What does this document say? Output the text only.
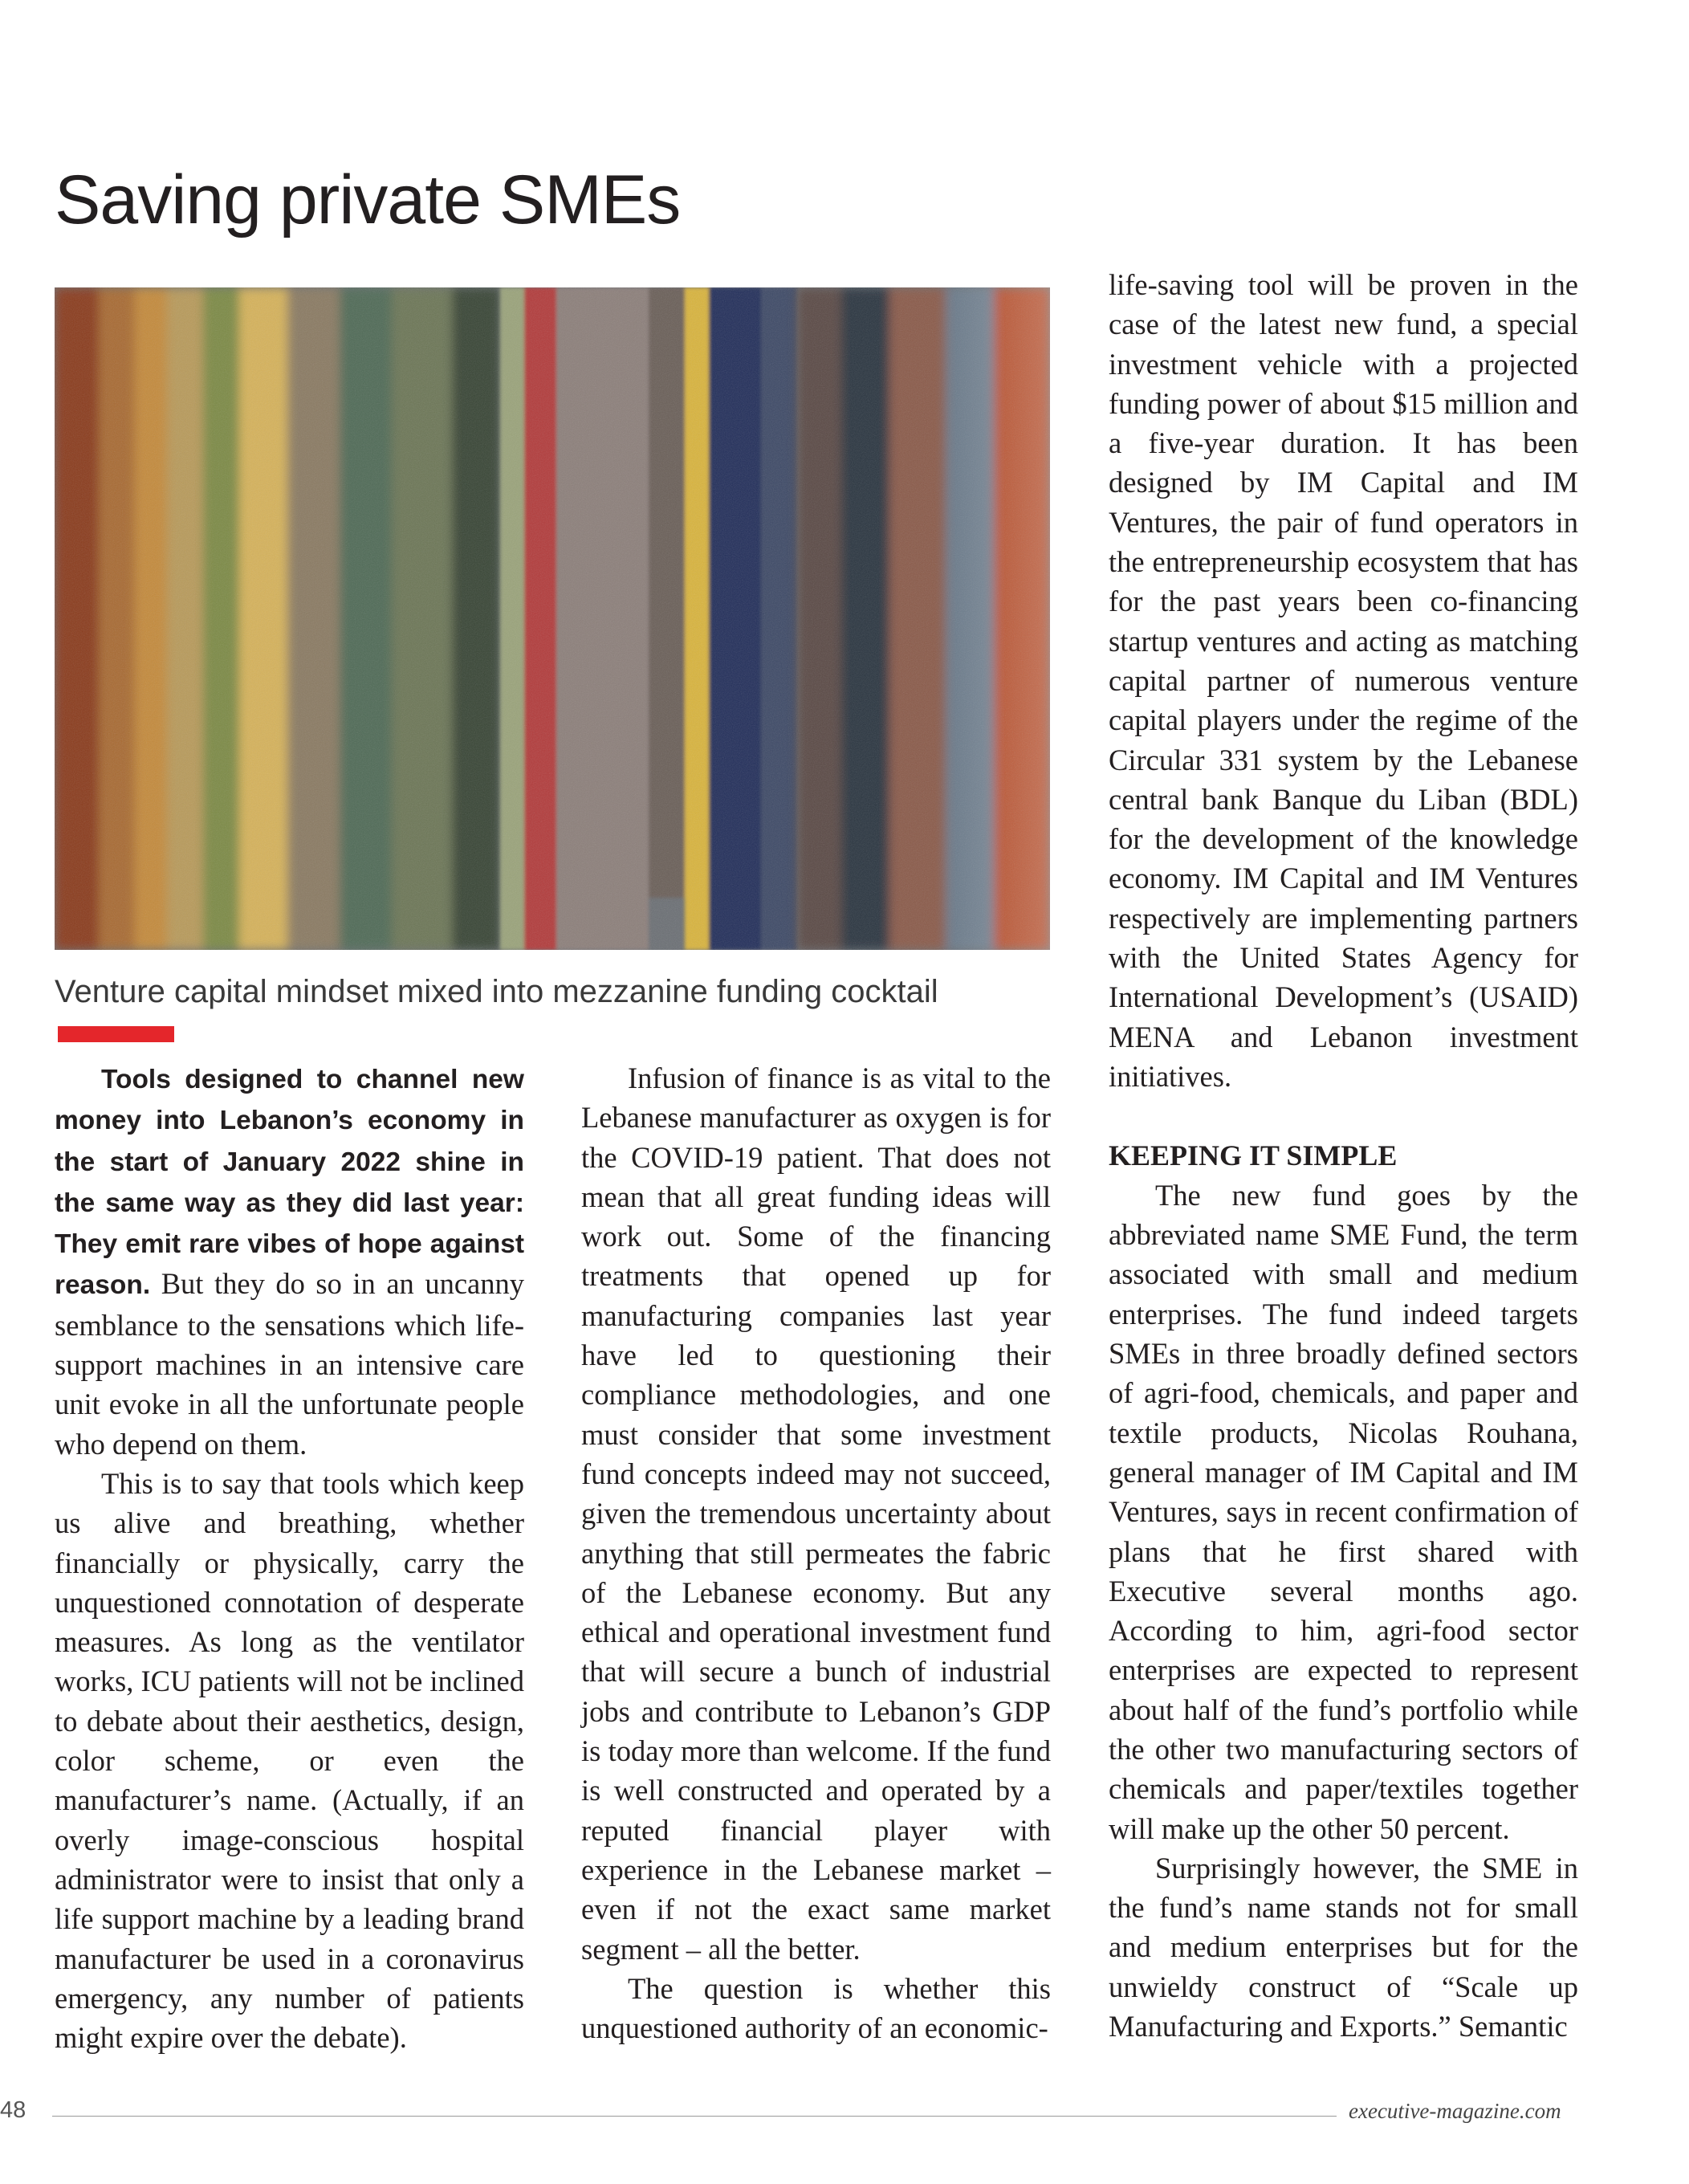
Saving private SMEs

Venture capital mindset mixed into mezzanine funding cocktail

Tools designed to channel new money into Lebanon’s economy in the start of January 2022 shine in the same way as they did last year: They emit rare vibes of hope against reason. But they do so in an uncanny semblance to the sensations which life-support machines in an intensive care unit evoke in all the unfortunate people who depend on them.

This is to say that tools which keep us alive and breathing, whether financially or physically, carry the unquestioned connotation of desperate measures. As long as the ventilator works, ICU patients will not be inclined to debate about their aesthetics, design, color scheme, or even the manufacturer’s name. (Actually, if an overly image-conscious hospital administrator were to insist that only a life support machine by a leading brand manufacturer be used in a coronavirus emergency, any number of patients might expire over the debate).

Infusion of finance is as vital to the Lebanese manufacturer as oxygen is for the COVID-19 patient. That does not mean that all great funding ideas will work out. Some of the financing treatments that opened up for manufacturing companies last year have led to questioning their compliance methodologies, and one must consider that some investment fund concepts indeed may not succeed, given the tremendous uncertainty about anything that still permeates the fabric of the Lebanese economy. But any ethical and operational investment fund that will secure a bunch of industrial jobs and contribute to Lebanon’s GDP is today more than welcome. If the fund is well constructed and operated by a reputed financial player with experience in the Lebanese market – even if not the exact same market segment – all the better.

The question is whether this unquestioned authority of an economic-

life-saving tool will be proven in the case of the latest new fund, a special investment vehicle with a projected funding power of about $15 million and a five-year duration. It has been designed by IM Capital and IM Ventures, the pair of fund operators in the entrepreneurship ecosystem that has for the past years been co-financing startup ventures and acting as matching capital partner of numerous venture capital players under the regime of the Circular 331 system by the Lebanese central bank Banque du Liban (BDL) for the development of the knowledge economy. IM Capital and IM Ventures respectively are implementing partners with the United States Agency for International Development’s (USAID) MENA and Lebanon investment initiatives.

KEEPING IT SIMPLE

The new fund goes by the abbreviated name SME Fund, the term associated with small and medium enterprises. The fund indeed targets SMEs in three broadly defined sectors of agri-food, chemicals, and paper and textile products, Nicolas Rouhana, general manager of IM Capital and IM Ventures, says in recent confirmation of plans that he first shared with Executive several months ago. According to him, agri-food sector enterprises are expected to represent about half of the fund’s portfolio while the other two manufacturing sectors of chemicals and paper/textiles together will make up the other 50 percent.

Surprisingly however, the SME in the fund’s name stands not for small and medium enterprises but for the unwieldy construct of “Scale up Manufacturing and Exports.” Semantic

48	executive-magazine.com
